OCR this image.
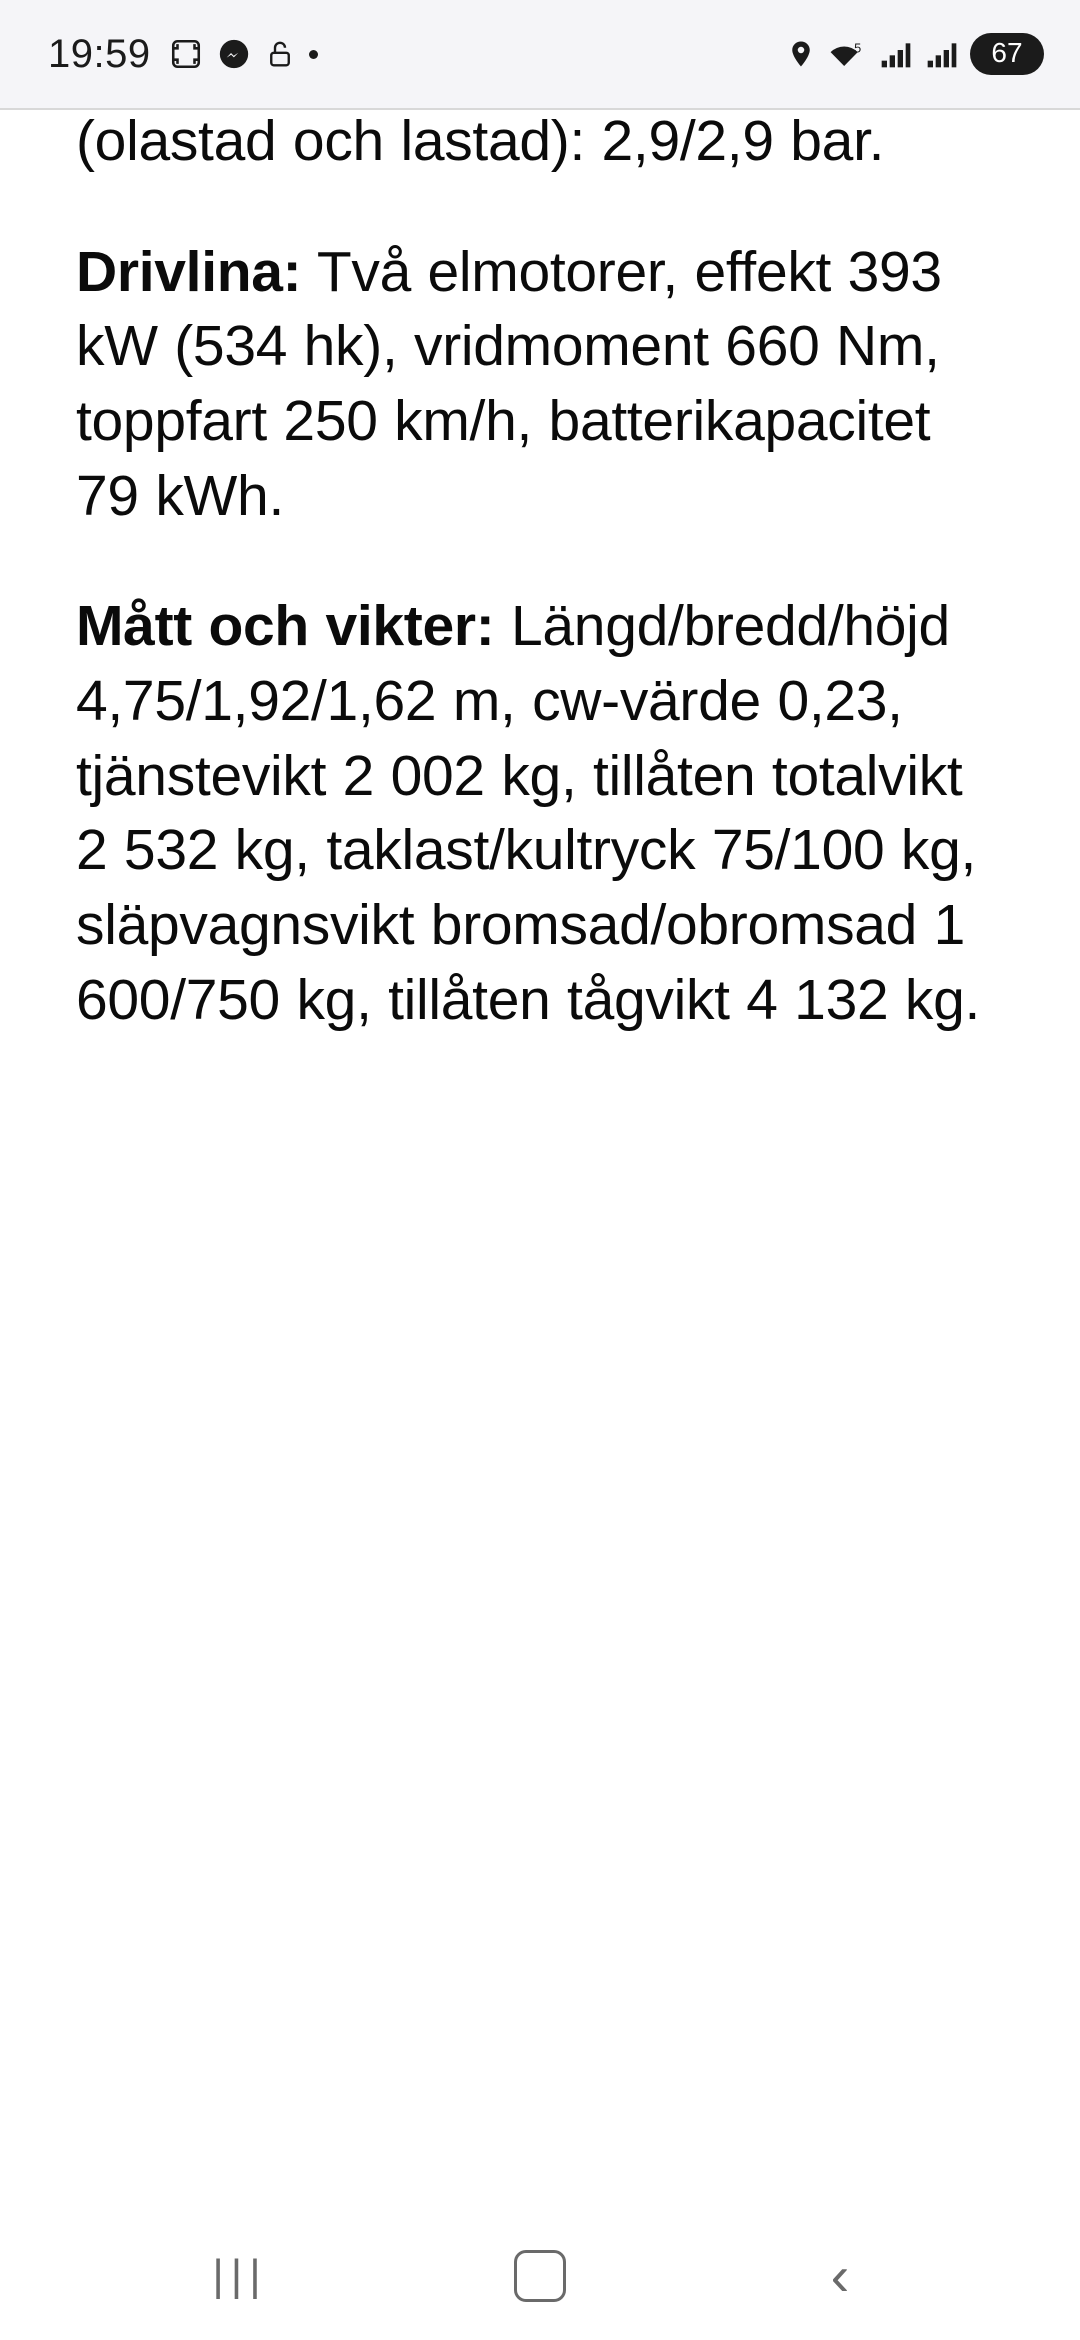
19:59	5	67

(olastad och lastad): 2,9/2,9 bar.

Drivlina: Två elmotorer, effekt 393 kW (534 hk), vridmoment 660 Nm, toppfart 250 km/h, batterikapacitet 79 kWh.

Mått och vikter: Längd/bredd/höjd 4,75/1,92/1,62 m, cw-värde 0,23, tjänstevikt 2 002 kg, tillåten totalvikt 2 532 kg, taklast/kultryck 75/100 kg, släpvagnsvikt bromsad/obromsad 1 600/750 kg, tillåten tågvikt 4 132 kg.

|||	‹
